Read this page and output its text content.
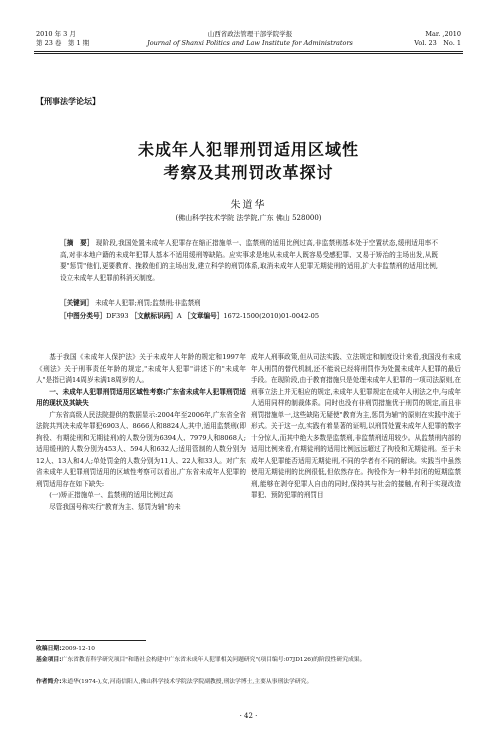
2010 年 3 月
第 23 卷　第 1 期
山西省政法管理干部学院学报
Journal of Shanxi Politics and Law Institute for Administrators
Mar. ,2010
Vol. 23　No. 1
【刑事法学论坛】
未成年人犯罪刑罚适用区域性
考察及其刑罚改革探讨
朱道华
(佛山科学技术学院 法学院,广东 佛山 528000)
［摘　要］ 现阶段,我国处置未成年人犯罪存在缩正措施单一、监禁刑的适用比例过高,非监禁刑基本处于空置状态,缓刑适用率不高,对非本地户籍的未成年犯罪人基本不适用缓刑等缺陷。应实事求是地从未成年人既容易受感犯罪、又易于矫治的主场出发,从既要"惩罚"他们,更要教育、挽救他们的主场出发,建立科学的刑罚体系,取消未成年人犯罪无期徒刑的适用,扩大非监禁刑的适用比例,设立未成年人犯罪前科消灭制度。
［关键词］ 未成年人犯罪;刑罚;监禁刑;非监禁刑
［中图分类号］DF393 ［文献标识码］A ［文章编号］1672-1500(2010)01-0042-05

基于我国《未成年人保护法》关于未成年人年龄的规定和1997年《刑法》关于刑事责任年龄的规定,"未成年人犯罪"讲述下的"未成年人"是指已满14周岁未满18周岁的人。

一、未成年人犯罪刑罚适用区域性考察:广东省未成年人犯罪刑罚适用的现状及其缺失

广东省高级人民法院提供的数据显示:2004年至2006年,广东省全省法院共判决未成年罪犯6903人、8666人和8824人,其中,适用监禁刑(即拘役、有期徒刑和无期徒刑)的人数分别为6394人、7979人和8068人;适用缓刑的人数分别为453人、594人和632人;适用管制的人数分别为12人、13人和4人;单处罚金的人数分别为11人、22人和33人。对广东省未成年人犯罪刑罚适用的区域性考察可以看出,广东省未成年人犯罪的刑罚适用存在如下缺失:

(一)矫正措施单一、监禁刑的适用比例过高

尽管我国号称实行"教育为主、惩罚为辅"的未

成年人刑事政策,但从司法实践、立法规定和制度设计来看,我国没有未成年人刑罚的替代机制,还不能说已经将刑罚作为处置未成年人犯罪的最后手段。在现阶段,由于教育措施只是处理未成年人犯罪的一项司法原则,在刑事立法上并无相应的规定,未成年人犯罪规定在成年人刑法之中,与成年人适用同样的制裁体系。同时也没有非刑罚措施优于刑罚的规定,而且非刑罚措施单一,这些缺陷无疑使"教育为主,惩罚为辅"的原则在实践中流于形式。关于这一点,实践有着显著的证明,以刑罚处置未成年人犯罪的数字十分惊人,而其中绝大多数是监禁刑,非监禁刑适用较少。从监禁刑内部的适用比例来看,有期徒刑的适用比例远远超过了拘役和无期徒刑。至于未成年人犯罪能否适用无期徒刑,不同的学者有不同的解读。实践当中虽然使用无期徒刑的比例很低,但依然存在。拘役作为一种半封闭的短期监禁刑,能够在剥夺犯罪人自由的同时,保持其与社会的接触,有利于实现改造罪犯、预防犯罪的刑罚目

收稿日期:2009-12-10
基金项目:广东省教育科学研究项目"和谐社会构建中广东省未成年人犯罪相关问题研究"(项目编号:07JD126)的阶段性研究成果。
作者简介:朱道华(1974-),女,河南信阳人,佛山科学技术学院法学院副教授,刑法学博士,主要从事刑法学研究。
· 42 ·
